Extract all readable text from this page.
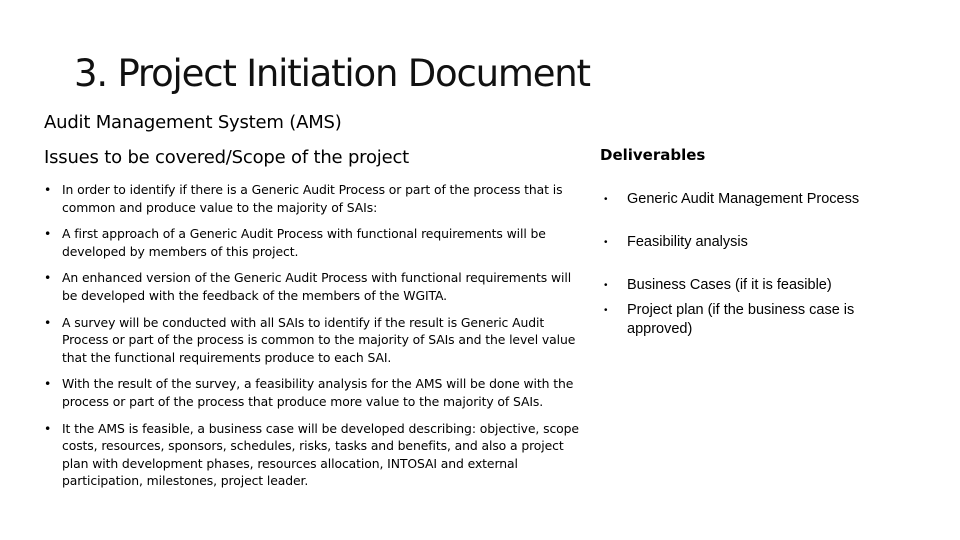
3. Project Initiation Document
Audit Management System (AMS)
Issues to be covered/Scope of the project	Deliverables
• In order to identify if there is a Generic Audit Process or part of the process that is common and produce value to the majority of SAIs:
• A first approach of a Generic Audit Process with functional requirements will be developed by members of this project.
• An enhanced version of the Generic Audit Process with functional requirements will be developed with the feedback of the members of the WGITA.
• A survey will be conducted with all SAIs to identify if the result is Generic Audit Process or part of the process is common to the majority of SAIs and the level value that the functional requirements produce to each SAI.
• With the result of the survey, a feasibility analysis for the AMS will be done with the process or part of the process that produce more value to the majority of SAIs.
• It the AMS is feasible, a business case will be developed describing: objective, scope costs, resources, sponsors, schedules, risks, tasks and benefits, and also a project plan with development phases, resources allocation, INTOSAI and external participation, milestones, project leader.
• Generic Audit Management Process
• Feasibility analysis
• Business Cases (if it is feasible)
• Project plan (if the business case is approved)
